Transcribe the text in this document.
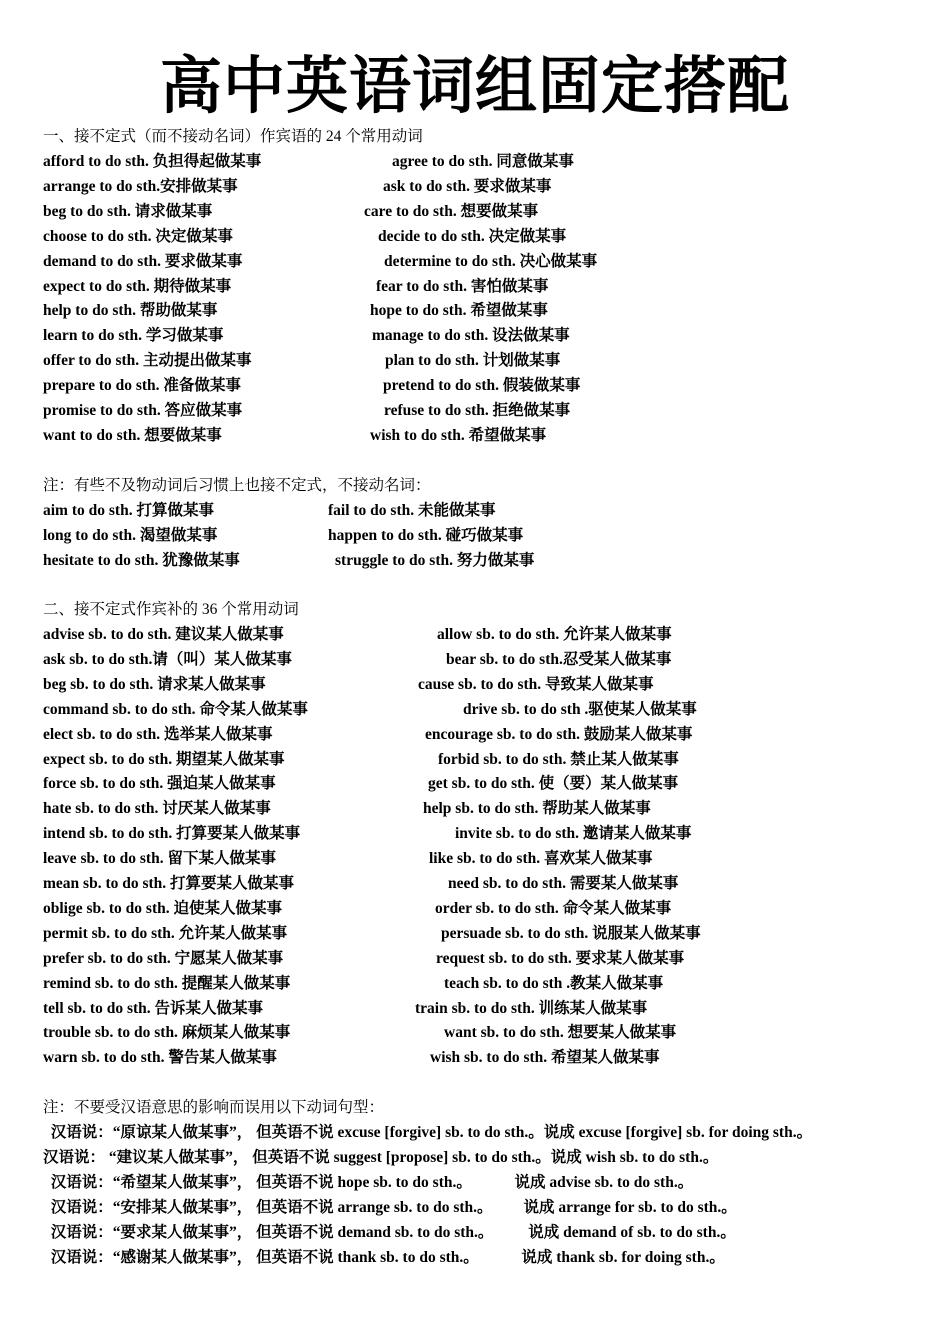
高中英语词组固定搭配
一、接不定式（而不接动名词）作宾语的 24 个常用动词
afford to do sth. 负担得起做某事	agree to do sth. 同意做某事
arrange to do sth.安排做某事	ask to do sth. 要求做某事
beg to do sth. 请求做某事	care to do sth. 想要做某事
choose to do sth. 决定做某事	decide to do sth. 决定做某事
demand to do sth. 要求做某事	determine to do sth. 决心做某事
expect to do sth. 期待做某事	fear to do sth. 害怕做某事
help to do sth. 帮助做某事	hope to do sth. 希望做某事
learn to do sth. 学习做某事	manage to do sth. 设法做某事
offer to do sth. 主动提出做某事	plan to do sth. 计划做某事
prepare to do sth. 准备做某事	pretend to do sth. 假装做某事
promise to do sth. 答应做某事	refuse to do sth. 拒绝做某事
want to do sth. 想要做某事	wish to do sth. 希望做某事
注：有些不及物动词后习惯上也接不定式，不接动名词：
aim to do sth. 打算做某事	fail to do sth. 未能做某事
long to do sth. 渴望做某事	happen to do sth. 碰巧做某事
hesitate to do sth. 犹豫做某事	struggle to do sth. 努力做某事
二、接不定式作宾补的 36 个常用动词
advise sb. to do sth. 建议某人做某事	allow sb. to do sth. 允许某人做某事
ask sb. to do sth.请（叫）某人做某事	bear sb. to do sth.忍受某人做某事
beg sb. to do sth. 请求某人做某事	cause sb. to do sth. 导致某人做某事
command sb. to do sth. 命令某人做某事	drive sb. to do sth .驱使某人做某事
elect sb. to do sth. 选举某人做某事	encourage sb. to do sth. 鼓励某人做某事
expect sb. to do sth. 期望某人做某事	forbid sb. to do sth. 禁止某人做某事
force sb. to do sth. 强迫某人做某事	get sb. to do sth. 使（要）某人做某事
hate sb. to do sth. 讨厌某人做某事	help sb. to do sth. 帮助某人做某事
intend sb. to do sth. 打算要某人做某事	invite sb. to do sth. 邀请某人做某事
leave sb. to do sth. 留下某人做某事	like sb. to do sth. 喜欢某人做某事
mean sb. to do sth. 打算要某人做某事	need sb. to do sth. 需要某人做某事
oblige sb. to do sth. 迫使某人做某事	order sb. to do sth. 命令某人做某事
permit sb. to do sth. 允许某人做某事	persuade sb. to do sth. 说服某人做某事
prefer sb. to do sth. 宁愿某人做某事	request sb. to do sth. 要求某人做某事
remind sb. to do sth. 提醒某人做某事	teach sb. to do sth .教某人做某事
tell sb. to do sth. 告诉某人做某事	train sb. to do sth. 训练某人做某事
trouble sb. to do sth. 麻烦某人做某事	want sb. to do sth. 想要某人做某事
warn sb. to do sth. 警告某人做某事	wish sb. to do sth. 希望某人做某事
注：不要受汉语意思的影响而误用以下动词句型：
汉语说：“原谅某人做某事”， 但英语不说 excuse [forgive] sb. to do sth.。说成 excuse [forgive] sb. for doing sth.。
汉语说： “建议某人做某事”， 但英语不说 suggest [propose] sb. to do sth.。说成 wish sb. to do sth.。
汉语说：“希望某人做某事”， 但英语不说 hope sb. to do sth.。           说成 advise sb. to do sth.。
汉语说：“安排某人做某事”， 但英语不说 arrange sb. to do sth.。        说成 arrange for sb. to do sth.。
汉语说：“要求某人做某事”， 但英语不说 demand sb. to do sth.。         说成 demand of sb. to do sth.。
汉语说：“感谢某人做某事”， 但英语不说 thank sb. to do sth.。           说成 thank sb. for doing sth.。
